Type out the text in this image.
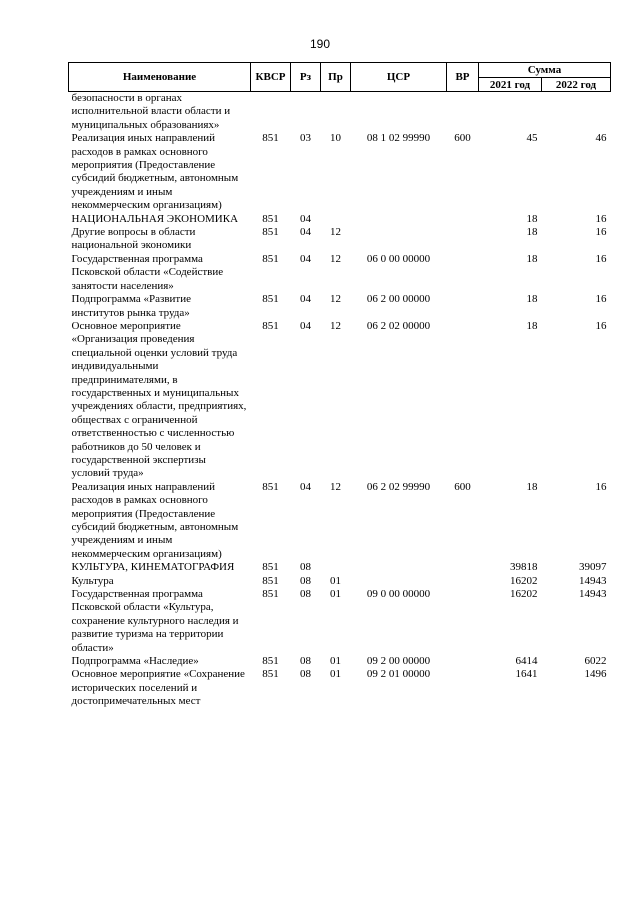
190
Наименование	КВСР	Рз	Пр	ЦСР	ВР	Сумма	
						2021 год	2022 год
безопасности в органах исполнительной власти области и муниципальных образованиях»							
Реализация иных направлений расходов в рамках основного мероприятия (Предоставление субсидий бюджетным, автономным учреждениям и иным некоммерческим организациям)	851	03	10	08 1 02 99990	600	45	46
НАЦИОНАЛЬНАЯ ЭКОНОМИКА	851	04				18	16
Другие вопросы в области национальной экономики	851	04	12			18	16
Государственная программа Псковской области «Содействие занятости населения»	851	04	12	06 0 00 00000		18	16
Подпрограмма «Развитие институтов рынка труда»	851	04	12	06 2 00 00000		18	16
Основное мероприятие «Организация проведения специальной оценки условий труда индивидуальными предпринимателями, в государственных и муниципальных учреждениях области, предприятиях, обществах с ограниченной ответственностью с численностью работников до 50 человек и государственной экспертизы условий труда»	851	04	12	06 2 02 00000		18	16
Реализация иных направлений расходов в рамках основного мероприятия (Предоставление субсидий бюджетным, автономным учреждениям и иным некоммерческим организациям)	851	04	12	06 2 02 99990	600	18	16
КУЛЬТУРА, КИНЕМАТОГРАФИЯ	851	08				39818	39097
Культура	851	08	01			16202	14943
Государственная программа Псковской области «Культура, сохранение культурного наследия и развитие туризма на территории области»	851	08	01	09 0 00 00000		16202	14943
Подпрограмма «Наследие»	851	08	01	09 2 00 00000		6414	6022
Основное мероприятие «Сохранение исторических поселений и достопримечательных мест	851	08	01	09 2 01 00000		1641	1496
